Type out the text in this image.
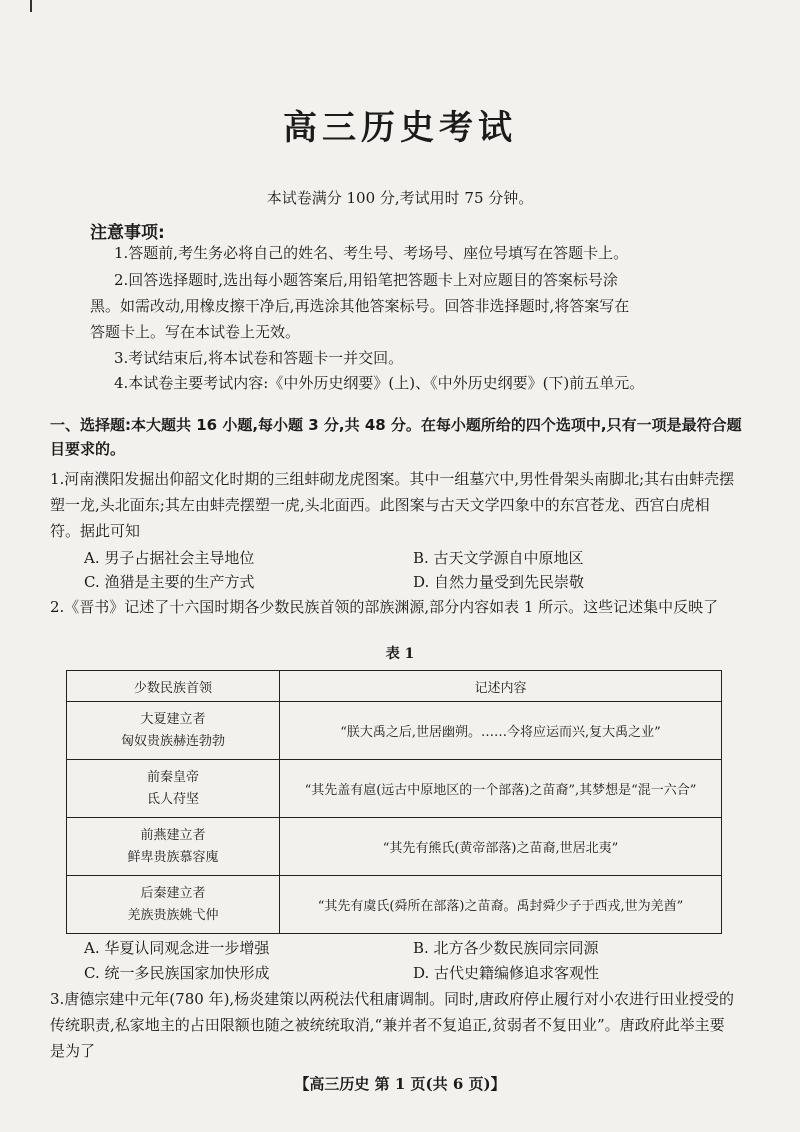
高三历史考试
本试卷满分 100 分,考试用时 75 分钟。
注意事项:
1.答题前,考生务必将自己的姓名、考生号、考场号、座位号填写在答题卡上。
2.回答选择题时,选出每小题答案后,用铅笔把答题卡上对应题目的答案标号涂
黑。如需改动,用橡皮擦干净后,再选涂其他答案标号。回答非选择题时,将答案写在
答题卡上。写在本试卷上无效。
3.考试结束后,将本试卷和答题卡一并交回。
4.本试卷主要考试内容:《中外历史纲要》(上)、《中外历史纲要》(下)前五单元。
一、选择题:本大题共 16 小题,每小题 3 分,共 48 分。在每小题所给的四个选项中,只有一项是最符合题目要求的。
1.河南濮阳发掘出仰韶文化时期的三组蚌砌龙虎图案。其中一组墓穴中,男性骨架头南脚北;其右由蚌壳摆塑一龙,头北面东;其左由蚌壳摆塑一虎,头北面西。此图案与古天文学四象中的东宫苍龙、西宫白虎相符。据此可知
A. 男子占据社会主导地位	B. 古天文学源自中原地区
C. 渔猎是主要的生产方式	D. 自然力量受到先民崇敬
2.《晋书》记述了十六国时期各少数民族首领的部族渊源,部分内容如表 1 所示。这些记述集中反映了
表 1
少数民族首领	记述内容
大夏建立者
匈奴贵族赫连勃勃	“朕大禹之后,世居幽朔。……今将应运而兴,复大禹之业”
前秦皇帝
氐人苻坚	“其先盖有扈(远古中原地区的一个部落)之苗裔”,其梦想是“混一六合”
前燕建立者
鲜卑贵族慕容廆	“其先有熊氏(黄帝部落)之苗裔,世居北夷”
后秦建立者
羌族贵族姚弋仲	“其先有虞氏(舜所在部落)之苗裔。禹封舜少子于西戎,世为羌酋”
A. 华夏认同观念进一步增强	B. 北方各少数民族同宗同源
C. 统一多民族国家加快形成	D. 古代史籍编修追求客观性
3.唐德宗建中元年(780 年),杨炎建策以两税法代租庸调制。同时,唐政府停止履行对小农进行田业授受的传统职责,私家地主的占田限额也随之被统统取消,“兼并者不复追正,贫弱者不复田业”。唐政府此举主要是为了
【高三历史 第 1 页(共 6 页)】
